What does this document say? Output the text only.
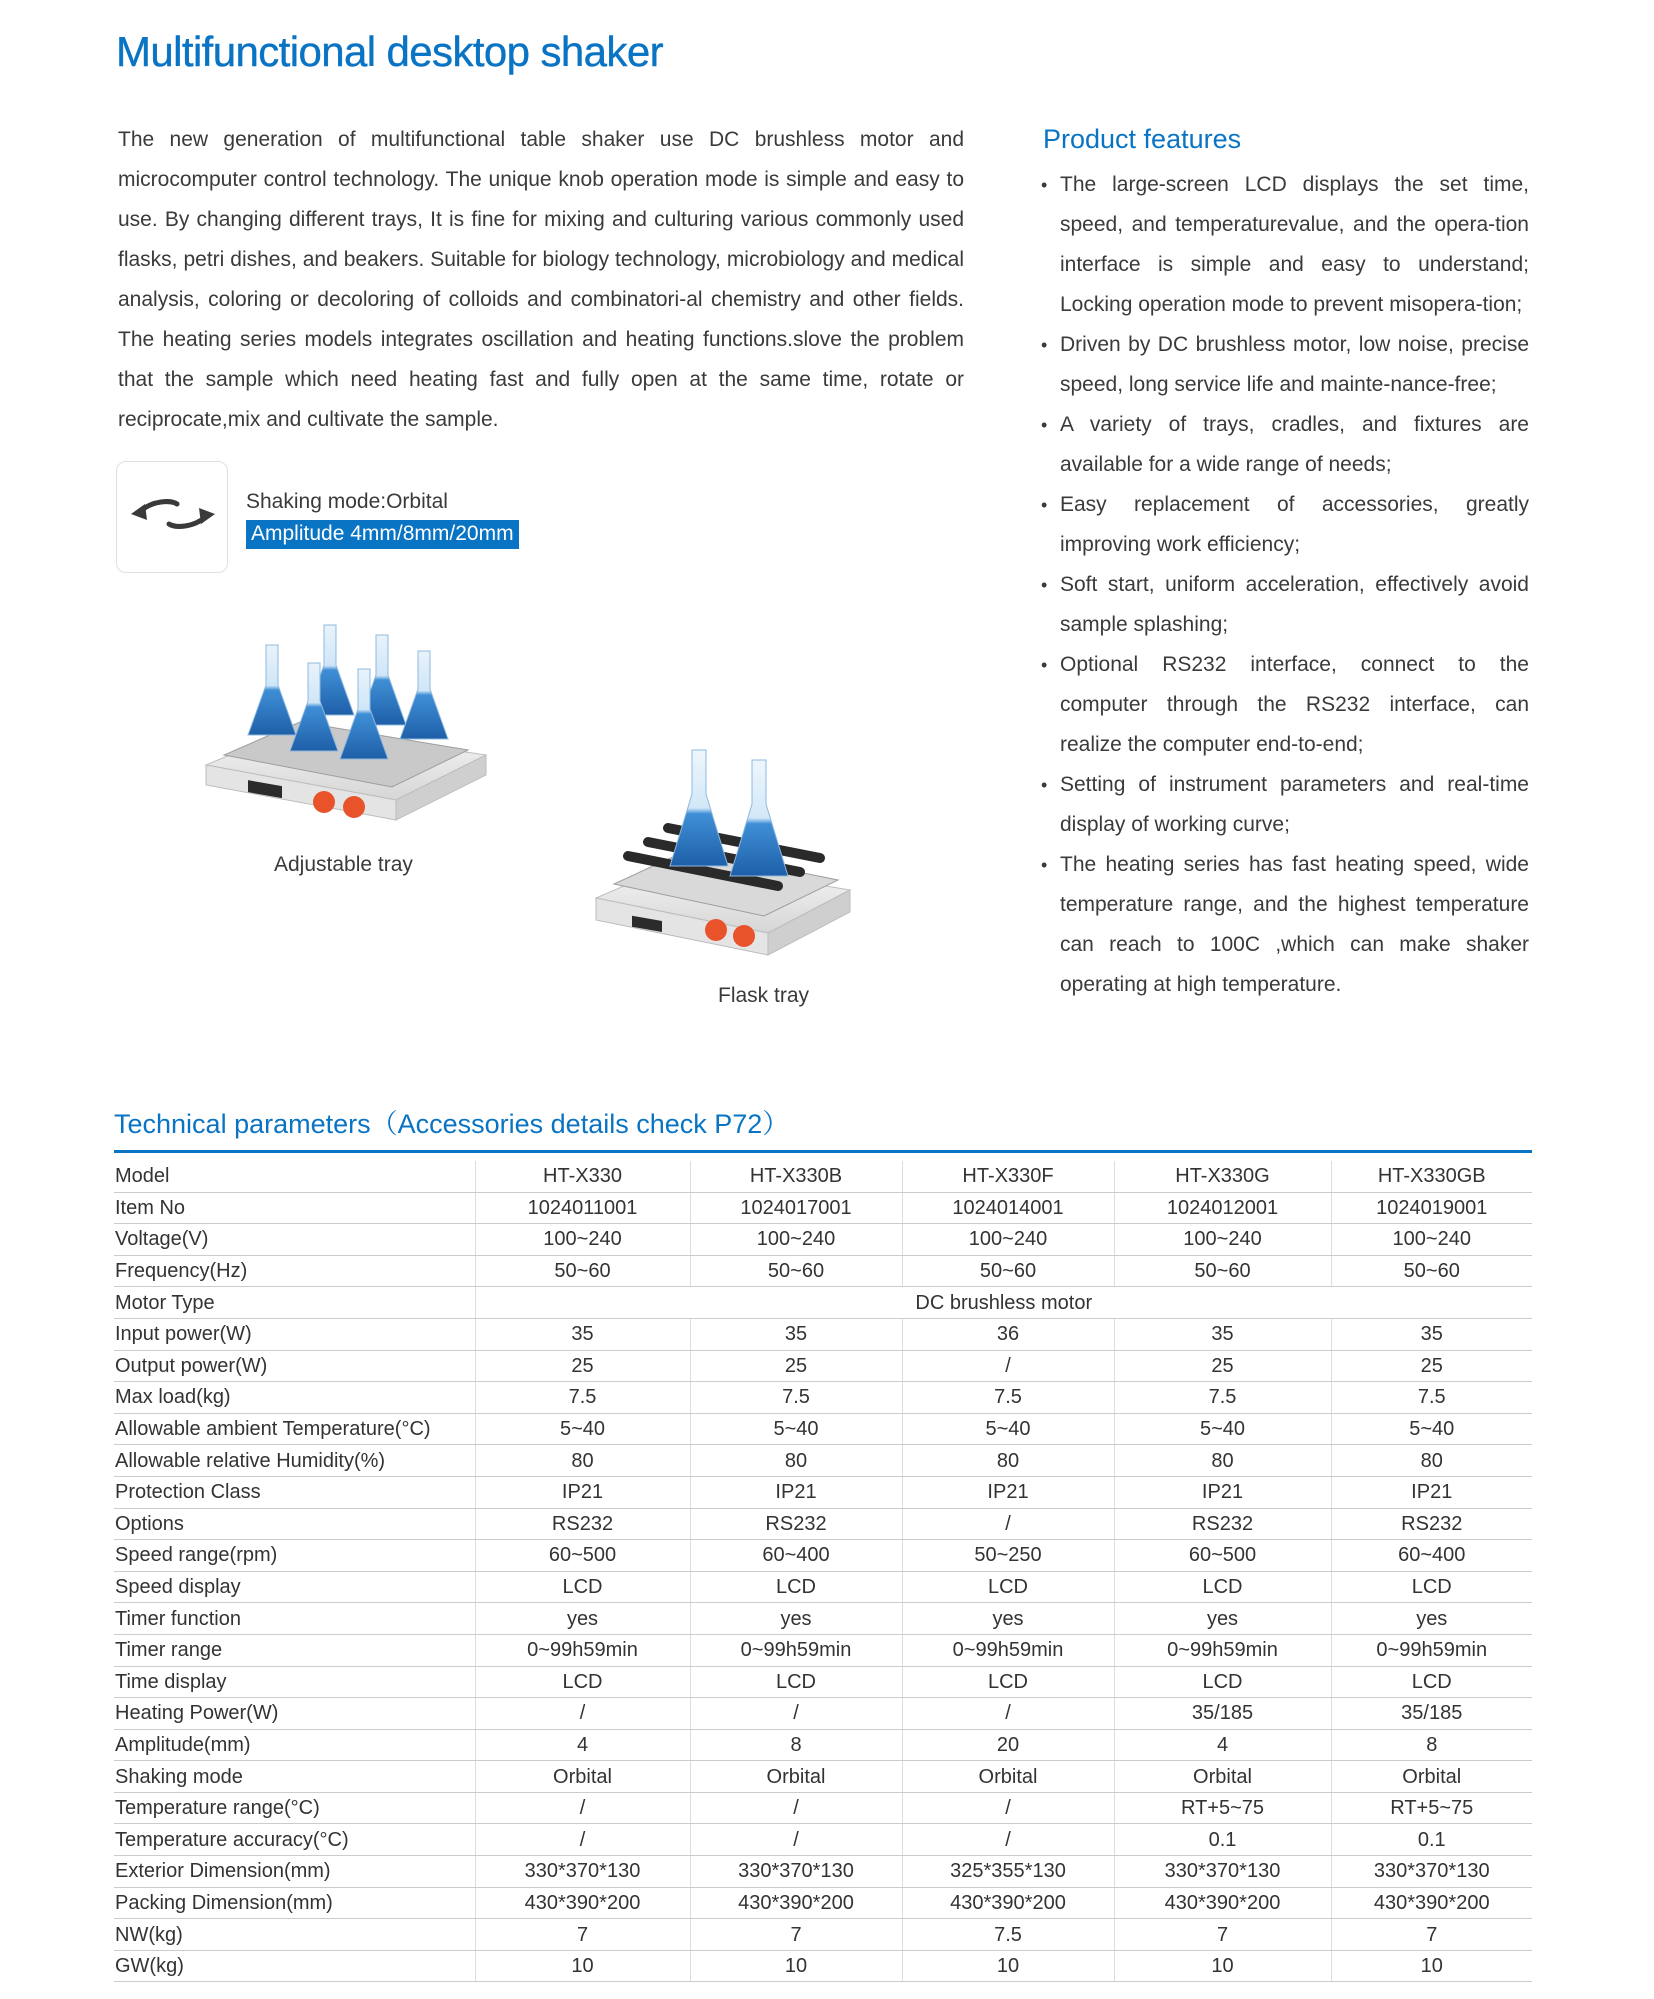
Multifunctional desktop shaker

The new generation of multifunctional table shaker use DC brushless motor and microcomputer control technology. The unique knob operation mode is simple and easy to use. By changing different trays, It is fine for mixing and culturing various commonly used flasks, petri dishes, and beakers. Suitable for biology technology, microbiology and medical analysis, coloring or decoloring of colloids and combinatori-al chemistry and other fields. The heating series models integrates oscillation and heating functions.slove the problem that the sample which need heating fast and fully open at the same time, rotate or reciprocate,mix and cultivate the sample.

Shaking mode:Orbital
Amplitude 4mm/8mm/20mm
Adjustable tray
Flask tray
Product features
• The large-screen LCD displays the set time, speed, and temperaturevalue, and the opera-tion interface is simple and easy to understand; Locking operation mode to prevent misopera-tion;
• Driven by DC brushless motor, low noise, precise speed, long service life and mainte-nance-free;
• A variety of trays, cradles, and fixtures are available for a wide range of needs;
• Easy replacement of accessories, greatly improving work efficiency;
• Soft start, uniform acceleration, effectively avoid sample splashing;
• Optional RS232 interface, connect to the computer through the RS232 interface, can realize the computer end-to-end;
• Setting of instrument parameters and real-time display of working curve;
• The heating series has fast heating speed, wide temperature range, and the highest temperature can reach to 100C ,which can make shaker operating at high temperature.
Technical parameters（Accessories details check P72）
Model	HT-X330	HT-X330B	HT-X330F	HT-X330G	HT-X330GB
Item No	1024011001	1024017001	1024014001	1024012001	1024019001
Voltage(V)	100~240	100~240	100~240	100~240	100~240
Frequency(Hz)	50~60	50~60	50~60	50~60	50~60
Motor Type	DC brushless motor				
Input power(W)	35	35	36	35	35
Output power(W)	25	25	/	25	25
Max load(kg)	7.5	7.5	7.5	7.5	7.5
Allowable ambient Temperature(°C)	5~40	5~40	5~40	5~40	5~40
Allowable relative Humidity(%)	80	80	80	80	80
Protection Class	IP21	IP21	IP21	IP21	IP21
Options	RS232	RS232	/	RS232	RS232
Speed range(rpm)	60~500	60~400	50~250	60~500	60~400
Speed display	LCD	LCD	LCD	LCD	LCD
Timer function	yes	yes	yes	yes	yes
Timer range	0~99h59min	0~99h59min	0~99h59min	0~99h59min	0~99h59min
Time display	LCD	LCD	LCD	LCD	LCD
Heating Power(W)	/	/	/	35/185	35/185
Amplitude(mm)	4	8	20	4	8
Shaking mode	Orbital	Orbital	Orbital	Orbital	Orbital
Temperature range(°C)	/	/	/	RT+5~75	RT+5~75
Temperature accuracy(°C)	/	/	/	0.1	0.1
Exterior Dimension(mm)	330*370*130	330*370*130	325*355*130	330*370*130	330*370*130
Packing Dimension(mm)	430*390*200	430*390*200	430*390*200	430*390*200	430*390*200
NW(kg)	7	7	7.5	7	7
GW(kg)	10	10	10	10	10
